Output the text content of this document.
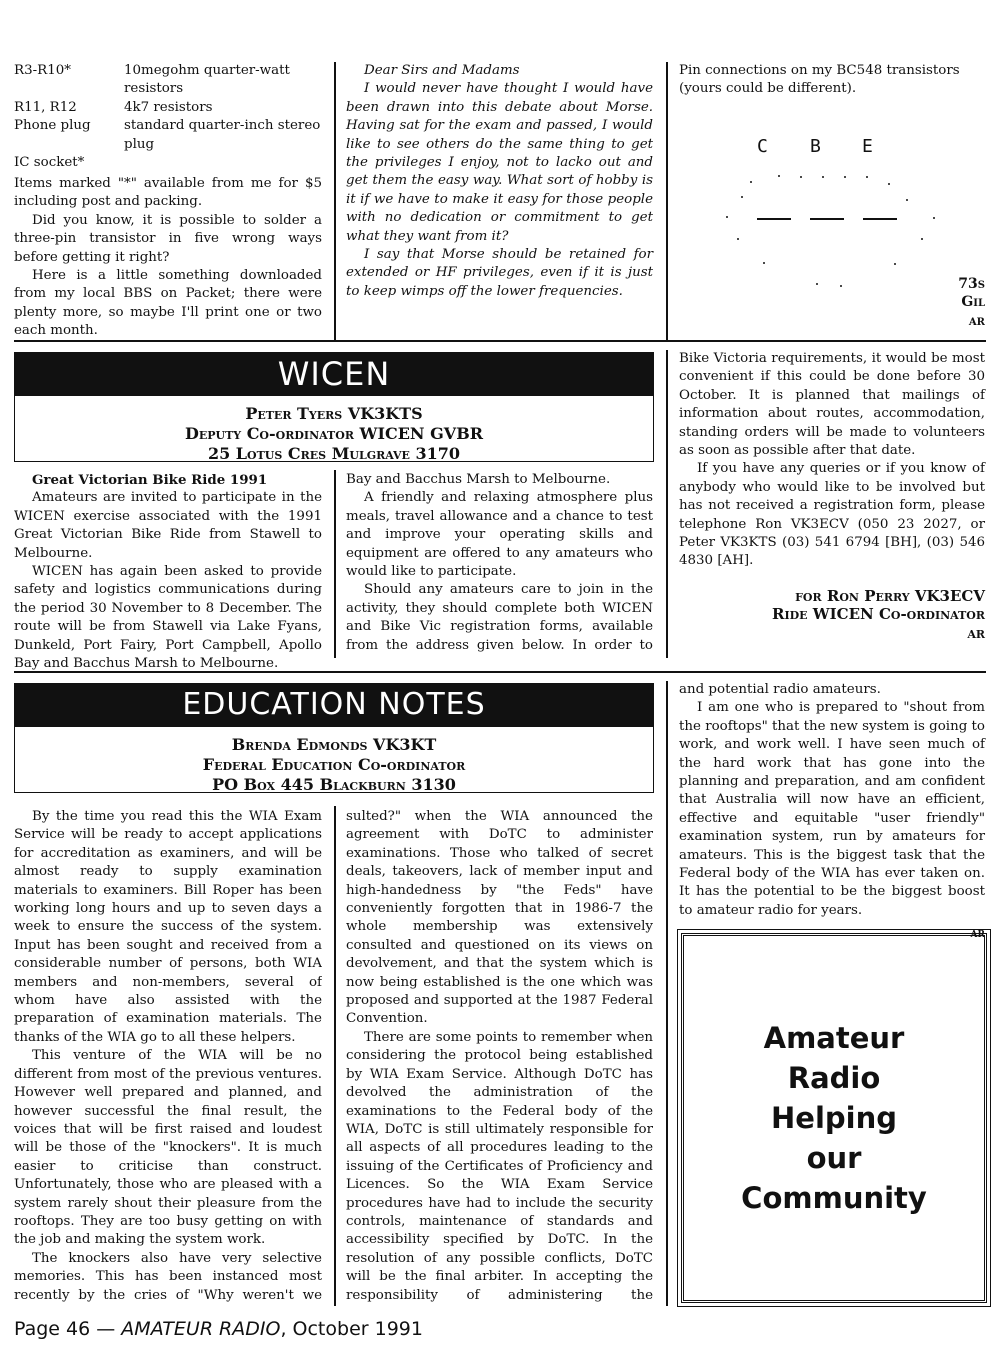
R3-R10*	10megohm quarter-watt resistors
R11, R12	4k7 resistors
Phone plug	standard quarter-inch stereo plug
IC socket*

Items marked "*" available from me for $5 including post and packing.

Did you know, it is possible to solder a three-pin transistor in five wrong ways before getting it right?

Here is a little something downloaded from my local BBS on Packet; there were plenty more, so maybe I'll print one or two each month.

Dear Sirs and Madams

I would never have thought I would have been drawn into this debate about Morse. Having sat for the exam and passed, I would like to see others do the same thing to get the privileges I enjoy, not to lacko out and get them the easy way. What sort of hobby is it if we have to make it easy for those people with no dedication or commitment to get what they want from it?

I say that Morse should be retained for extended or HF privileges, even if it is just to keep wimps off the lower frequencies.

Pin connections on my BC548 transistors (yours could be different).
C B E
73s
Gil
ar
WICEN
Peter Tyers VK3KTS
Deputy Co-ordinator WICEN GVBR
25 Lotus Cres Mulgrave 3170

Great Victorian Bike Ride 1991

Amateurs are invited to participate in the WICEN exercise associated with the 1991 Great Victorian Bike Ride from Stawell to Melbourne.

WICEN has again been asked to provide safety and logistics communications during the period 30 November to 8 December. The route will be from Stawell via Lake Fyans, Dunkeld, Port Fairy, Port Campbell, Apollo Bay and Bacchus Marsh to Melbourne.

Bay and Bacchus Marsh to Melbourne.

A friendly and relaxing atmosphere plus meals, travel allowance and a chance to test and improve your operating skills and equipment are offered to any amateurs who would like to participate.

Should any amateurs care to join in the activity, they should complete both WICEN and Bike Vic registration forms, available from the address given below. In order to

Bike Victoria requirements, it would be most convenient if this could be done before 30 October. It is planned that mailings of information about routes, accommodation, standing orders will be made to volunteers as soon as possible after that date.

If you have any queries or if you know of anybody who would like to be involved but has not received a registration form, please telephone Ron VK3ECV (050 23 2027, or Peter VK3KTS (03) 541 6794 [BH], (03) 546 4830 [AH].

for Ron Perry VK3ECV
Ride WICEN Co-ordinator
ar
EDUCATION NOTES
Brenda Edmonds VK3KT
Federal Education Co-ordinator
PO Box 445 Blackburn 3130

By the time you read this the WIA Exam Service will be ready to accept applications for accreditation as examiners, and will be almost ready to supply examination materials to examiners. Bill Roper has been working long hours and up to seven days a week to ensure the success of the system. Input has been sought and received from a considerable number of persons, both WIA members and non-members, several of whom have also assisted with the preparation of examination materials. The thanks of the WIA go to all these helpers.

This venture of the WIA will be no different from most of the previous ventures. However well prepared and planned, and however successful the final result, the voices that will be first raised and loudest will be those of the "knockers". It is much easier to criticise than construct. Unfortunately, those who are pleased with a system rarely shout their pleasure from the rooftops. They are too busy getting on with the job and making the system work.

The knockers also have very selective memories. This has been instanced most recently by the cries of "Why weren't we

sulted?" when the WIA announced the agreement with DoTC to administer examinations. Those who talked of secret deals, takeovers, lack of member input and high-handedness by "the Feds" have conveniently forgotten that in 1986-7 the whole membership was extensively consulted and questioned on its views on devolvement, and that the system which is now being established is the one which was proposed and supported at the 1987 Federal Convention.

There are some points to remember when considering the protocol being established by WIA Exam Service. Although DoTC has devolved the administration of the examinations to the Federal body of the WIA, DoTC is still ultimately responsible for all aspects of all procedures leading to the issuing of the Certificates of Proficiency and Licences. So the WIA Exam Service procedures have had to include the security controls, maintenance of standards and accessibility specified by DoTC. In the resolution of any possible conflicts, DoTC will be the final arbiter. In accepting the responsibility of administering the

and potential radio amateurs.

I am one who is prepared to "shout from the rooftops" that the new system is going to work, and work well. I have seen much of the hard work that has gone into the planning and preparation, and am confident that Australia will now have an efficient, effective and equitable "user friendly" examination system, run by amateurs for amateurs. This is the biggest task that the Federal body of the WIA has ever taken on. It has the potential to be the biggest boost to amateur radio for years.

ar
Amateur
Radio
Helping
our
Community
Page 46 — AMATEUR RADIO, October 1991
